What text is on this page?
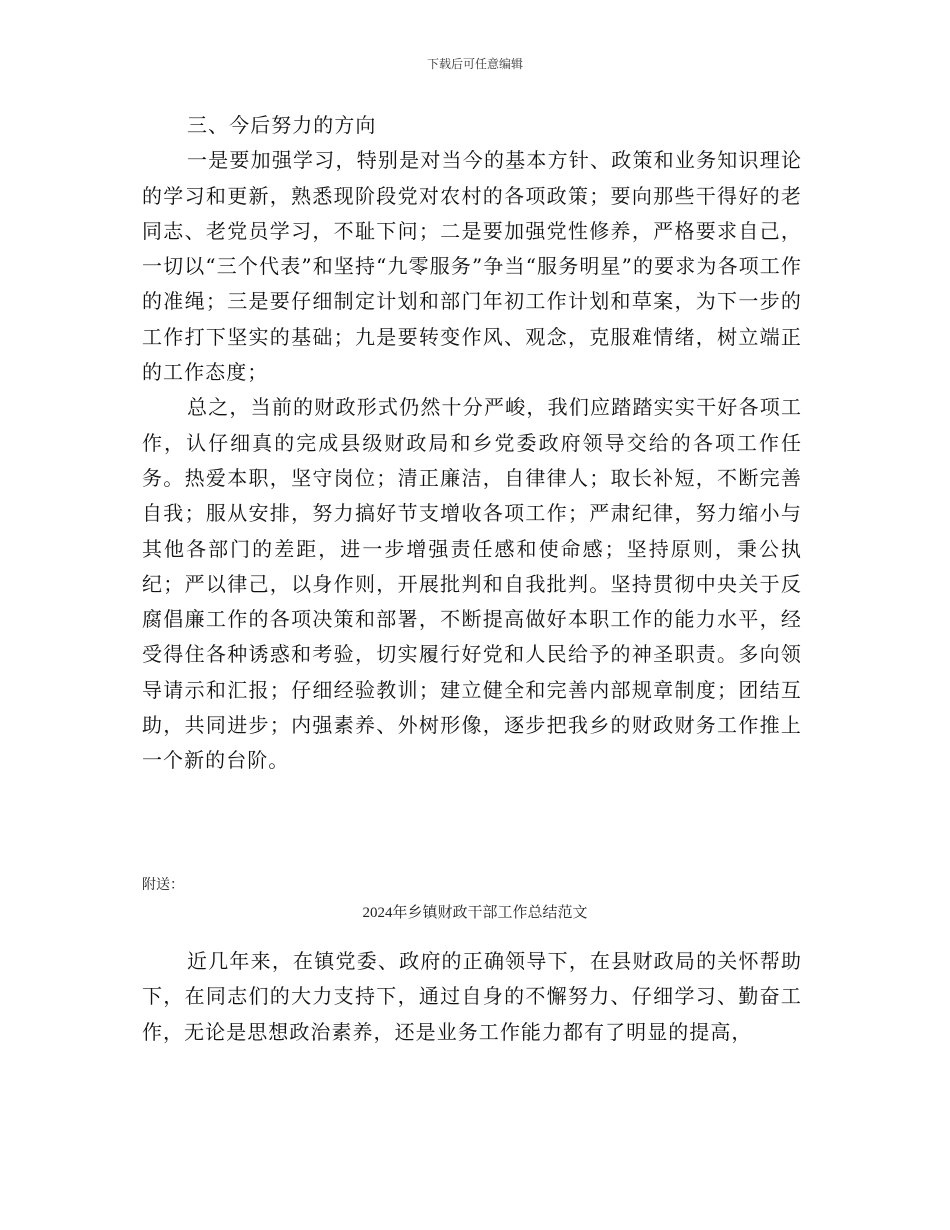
下载后可任意编辑

三、今后努力的方向

一是要加强学习，特别是对当今的基本方针、政策和业务知识理论的学习和更新，熟悉现阶段党对农村的各项政策；要向那些干得好的老同志、老党员学习，不耻下问；二是要加强党性修养，严格要求自己，一切以“三个代表”和坚持“九零服务”争当“服务明星”的要求为各项工作的准绳；三是要仔细制定计划和部门年初工作计划和草案，为下一步的工作打下坚实的基础；九是要转变作风、观念，克服难情绪，树立端正的工作态度；

总之，当前的财政形式仍然十分严峻，我们应踏踏实实干好各项工作，认仔细真的完成县级财政局和乡党委政府领导交给的各项工作任务。热爱本职，坚守岗位；清正廉洁，自律律人；取长补短，不断完善自我；服从安排，努力搞好节支增收各项工作；严肃纪律，努力缩小与其他各部门的差距，进一步增强责任感和使命感；坚持原则，秉公执纪；严以律己，以身作则，开展批判和自我批判。坚持贯彻中央关于反腐倡廉工作的各项决策和部署，不断提高做好本职工作的能力水平，经受得住各种诱惑和考验，切实履行好党和人民给予的神圣职责。多向领导请示和汇报；仔细经验教训；建立健全和完善内部规章制度；团结互助，共同进步；内强素养、外树形像，逐步把我乡的财政财务工作推上一个新的台阶。

附送：
2024年乡镇财政干部工作总结范文

近几年来，在镇党委、政府的正确领导下，在县财政局的关怀帮助下，在同志们的大力支持下，通过自身的不懈努力、仔细学习、勤奋工作，无论是思想政治素养，还是业务工作能力都有了明显的提高，
